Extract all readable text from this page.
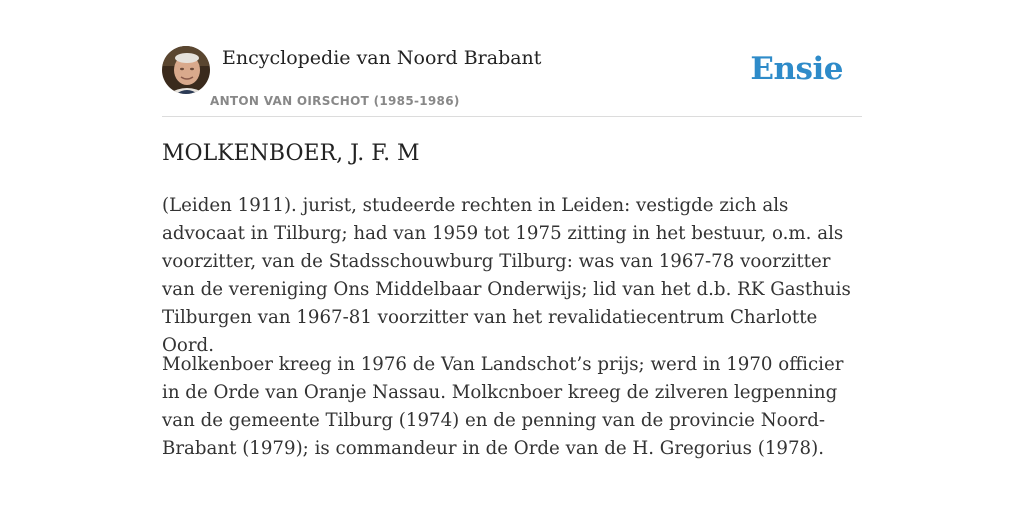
Encyclopedie van Noord Brabant
ANTON VAN OIRSCHOT (1985-1986)
Ensie
MOLKENBOER, J. F. M

(Leiden 1911). jurist, studeerde rechten in Leiden: vestigde zich als advocaat in Tilburg; had van 1959 tot 1975 zitting in het bestuur, o.m. als voorzitter, van de Stadsschouwburg Tilburg: was van 1967-78 voorzitter van de vereniging Ons Middelbaar Onderwijs; lid van het d.b. RK Gasthuis Tilburgen van 1967-81 voorzitter van het revalidatiecentrum Charlotte Oord.

Molkenboer kreeg in 1976 de Van Landschot’s prijs; werd in 1970 officier in de Orde van Oranje Nassau. Molkcnboer kreeg de zilveren legpenning van de gemeente Tilburg (1974) en de penning van de provincie Noord-Brabant (1979); is commandeur in de Orde van de H. Gregorius (1978).
